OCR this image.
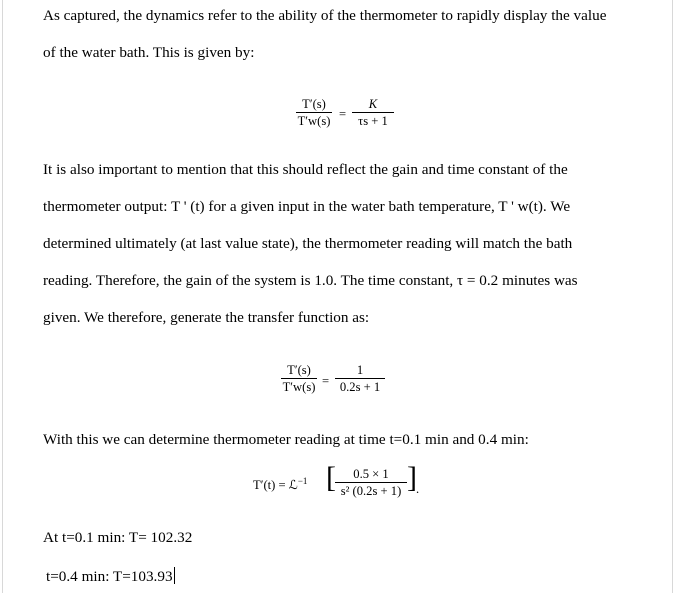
As captured, the dynamics refer to the ability of the thermometer to rapidly display the value
of the water bath. This is given by:
T′(s)
T′w(s) =
K
τs + 1
It is also important to mention that this should reflect the gain and time constant of the
thermometer output: T ' (t) for a given input in the water bath temperature, T ' w(t). We
determined ultimately (at last value state), the thermometer reading will match the bath
reading. Therefore, the gain of the system is 1.0. The time constant, τ = 0.2 minutes was
given. We therefore, generate the transfer function as:
T′(s)
T′w(s) =
1
0.2s + 1
With this we can determine thermometer reading at time t=0.1 min and 0.4 min:
T′(t) = ℒ$^{-1}$ [	0.5 × 1
s² (0.2s + 1) ] .
At t=0.1 min: T= 102.32
t=0.4 min: T=103.93
